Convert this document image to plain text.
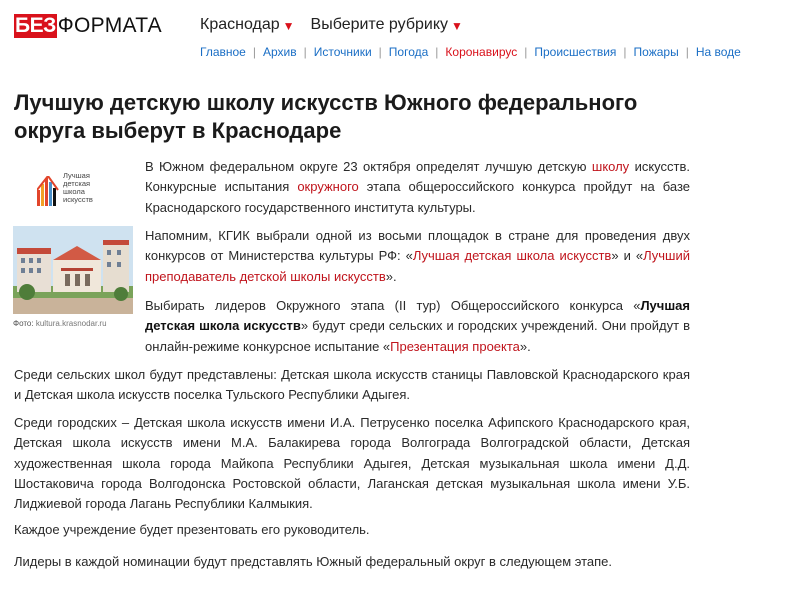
БЕЗ ФОРМАТА Краснодар ▼ Выберите рубрику ▼
Главное | Архив | Источники | Погода | Коронавирус | Происшествия | Пожары | На воде
Лучшую детскую школу искусств Южного федерального округа выберут в Краснодаре
Лучшая
детская
школа
искусств
Фото: kultura.krasnodar.ru

В Южном федеральном округе 23 октября определят лучшую детскую школу искусств. Конкурсные испытания окружного этапа общероссийского конкурса пройдут на базе Краснодарского государственного института культуры.

Напомним, КГИК выбрали одной из восьми площадок в стране для проведения двух конкурсов от Министерства культуры РФ: «Лучшая детская школа искусств» и «Лучший преподаватель детской школы искусств».

Выбирать лидеров Окружного этапа (II тур) Общероссийского конкурса «Лучшая детская школа искусств» будут среди сельских и городских учреждений. Они пройдут в онлайн-режиме конкурсное испытание «Презентация проекта».

Среди сельских школ будут представлены: Детская школа искусств станицы Павловской Краснодарского края и Детская школа искусств поселка Тульского Республики Адыгея.

Среди городских – Детская школа искусств имени И.А. Петрусенко поселка Афипского Краснодарского края, Детская школа искусств имени М.А. Балакирева города Волгограда Волгоградской области, Детская художественная школа города Майкопа Республики Адыгея, Детская музыкальная школа имени Д.Д. Шостаковича города Волгодонска Ростовской области, Лаганская детская музыкальная школа имени У.Б. Лиджиевой города Лагань Республики Калмыкия.

Каждое учреждение будет презентовать его руководитель.

Лидеры в каждой номинации будут представлять Южный федеральный округ в следующем этапе.
